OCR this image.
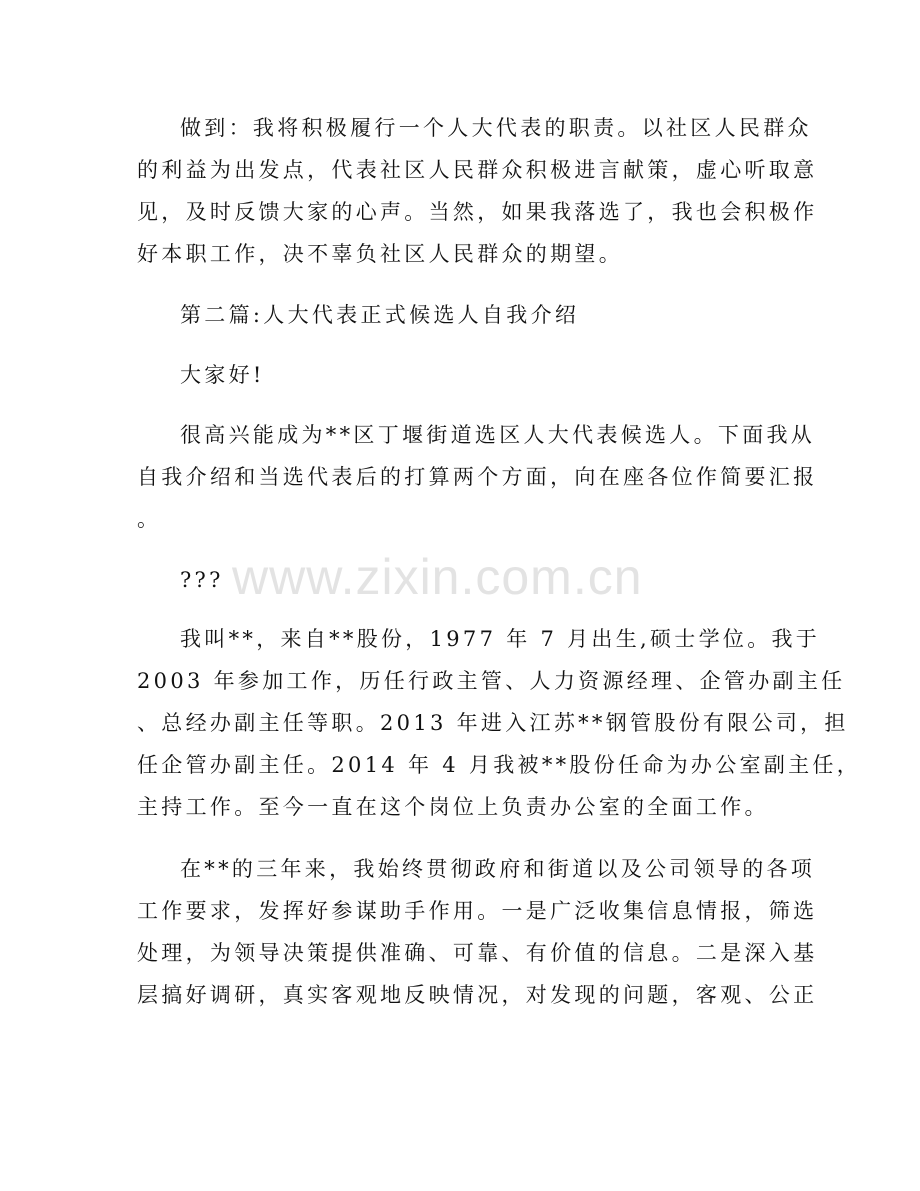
www.zixin.com.cn
做到：我将积极履行一个人大代表的职责。以社区人民群众
的利益为出发点，代表社区人民群众积极进言献策，虚心听取意
见，及时反馈大家的心声。当然，如果我落选了，我也会积极作
好本职工作，决不辜负社区人民群众的期望。
第二篇:人大代表正式候选人自我介绍
大家好!
很高兴能成为**区丁堰街道选区人大代表候选人。下面我从
自我介绍和当选代表后的打算两个方面，向在座各位作简要汇报
。
???
我叫**，来自**股份，1977 年 7 月出生,硕士学位。我于
2003 年参加工作，历任行政主管、人力资源经理、企管办副主任
、总经办副主任等职。2013 年进入江苏**钢管股份有限公司，担
任企管办副主任。2014 年 4 月我被**股份任命为办公室副主任，
主持工作。至今一直在这个岗位上负责办公室的全面工作。
在**的三年来，我始终贯彻政府和街道以及公司领导的各项
工作要求，发挥好参谋助手作用。一是广泛收集信息情报，筛选
处理，为领导决策提供准确、可靠、有价值的信息。二是深入基
层搞好调研，真实客观地反映情况，对发现的问题，客观、公正
